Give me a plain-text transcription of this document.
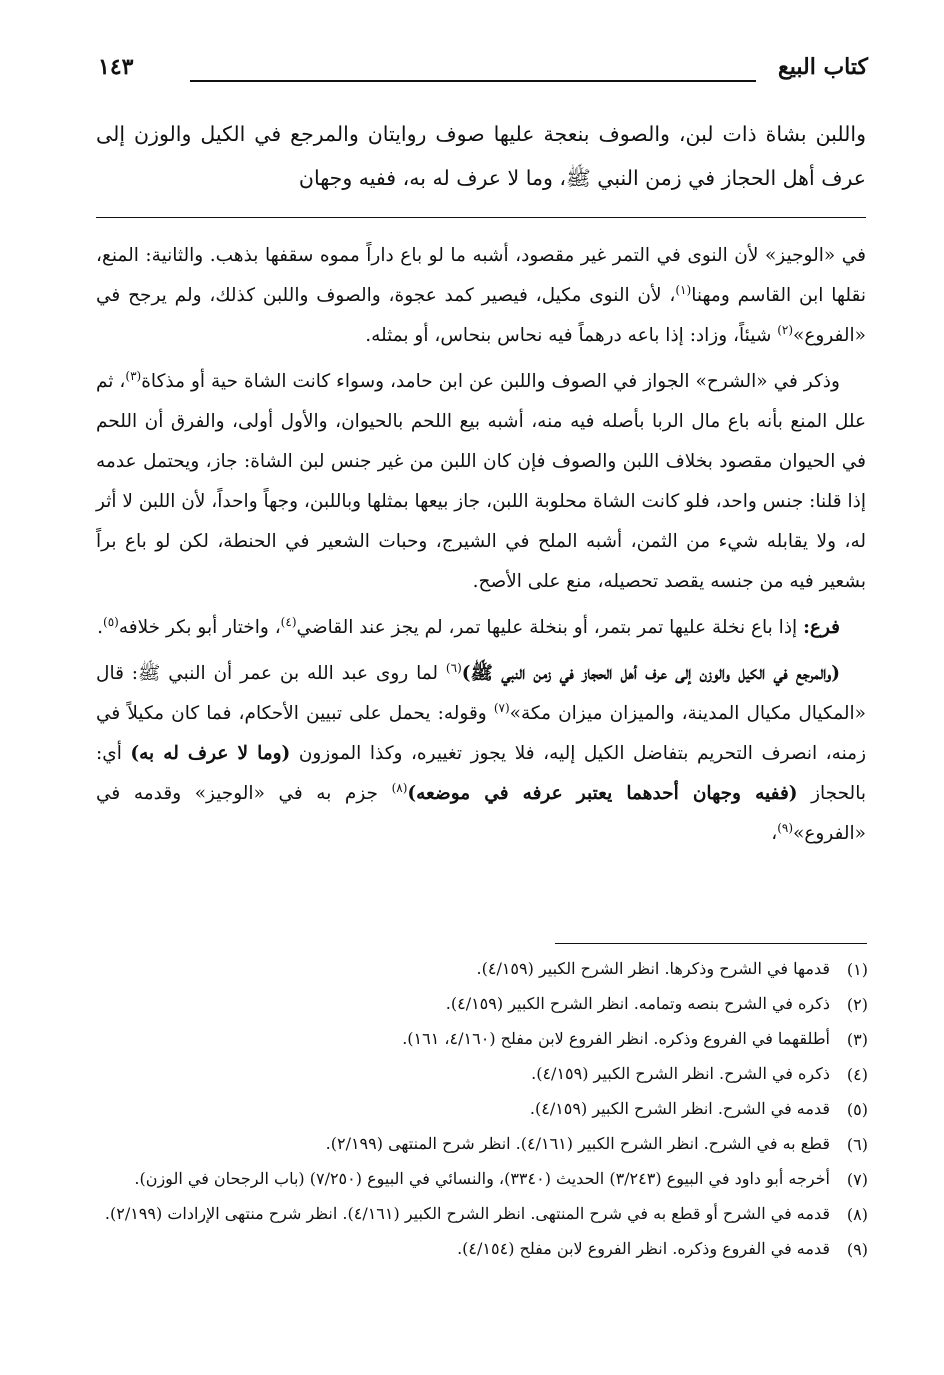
كتاب البيع
١٤٣

واللبن بشاة ذات لبن، والصوف بنعجة عليها صوف روايتان والمرجع في الكيل والوزن إلى عرف أهل الحجاز في زمن النبي ﷺ، وما لا عرف له به، ففيه وجهان

في «الوجيز» لأن النوى في التمر غير مقصود، أشبه ما لو باع داراً مموه سقفها بذهب. والثانية: المنع، نقلها ابن القاسم ومهنا$^{(١)}$، لأن النوى مكيل، فيصير كمد عجوة، والصوف واللبن كذلك، ولم يرجح في «الفروع»$^{(٢)}$ شيئاً، وزاد: إذا باعه درهماً فيه نحاس بنحاس، أو بمثله.

وذكر في «الشرح» الجواز في الصوف واللبن عن ابن حامد، وسواء كانت الشاة حية أو مذكاة$^{(٣)}$، ثم علل المنع بأنه باع مال الربا بأصله فيه منه، أشبه بيع اللحم بالحيوان، والأول أولى، والفرق أن اللحم في الحيوان مقصود بخلاف اللبن والصوف فإن كان اللبن من غير جنس لبن الشاة: جاز، ويحتمل عدمه إذا قلنا: جنس واحد، فلو كانت الشاة محلوبة اللبن، جاز بيعها بمثلها وباللبن، وجهاً واحداً، لأن اللبن لا أثر له، ولا يقابله شيء من الثمن، أشبه الملح في الشيرج، وحبات الشعير في الحنطة، لكن لو باع براً بشعير فيه من جنسه يقصد تحصيله، منع على الأصح.

فرع: إذا باع نخلة عليها تمر بتمر، أو بنخلة عليها تمر، لم يجز عند القاضي$^{(٤)}$، واختار أبو بكر خلافه$^{(٥)}$.

(والمرجع في الكيل والوزن إلى عرف أهل الحجاز في زمن النبي ﷺ)$^{(٦)}$ لما روى عبد الله بن عمر أن النبي ﷺ: قال «المكيال مكيال المدينة، والميزان ميزان مكة»$^{(٧)}$ وقوله: يحمل على تبيين الأحكام، فما كان مكيلاً في زمنه، انصرف التحريم بتفاضل الكيل إليه، فلا يجوز تغييره، وكذا الموزون (وما لا عرف له به) أي: بالحجاز (ففيه وجهان أحدهما يعتبر عرفه في موضعه)$^{(٨)}$ جزم به في «الوجيز» وقدمه في «الفروع»$^{(٩)}$،

(١)
قدمها في الشرح وذكرها. انظر الشرح الكبير (٤/١٥٩).
(٢)
ذكره في الشرح بنصه وتمامه. انظر الشرح الكبير (٤/١٥٩).
(٣)
أطلقهما في الفروع وذكره. انظر الفروع لابن مفلح (٤/١٦٠، ١٦١).
(٤)
ذكره في الشرح. انظر الشرح الكبير (٤/١٥٩).
(٥)
قدمه في الشرح. انظر الشرح الكبير (٤/١٥٩).
(٦)
قطع به في الشرح. انظر الشرح الكبير (٤/١٦١). انظر شرح المنتهى (٢/١٩٩).
(٧)
أخرجه أبو داود في البيوع (٣/٢٤٣) الحديث (٣٣٤٠)، والنسائي في البيوع (٧/٢٥٠) (باب الرجحان في الوزن).
(٨)
قدمه في الشرح أو قطع به في شرح المنتهى. انظر الشرح الكبير (٤/١٦١). انظر شرح منتهى الإرادات (٢/١٩٩).
(٩)
قدمه في الفروع وذكره. انظر الفروع لابن مفلح (٤/١٥٤).
